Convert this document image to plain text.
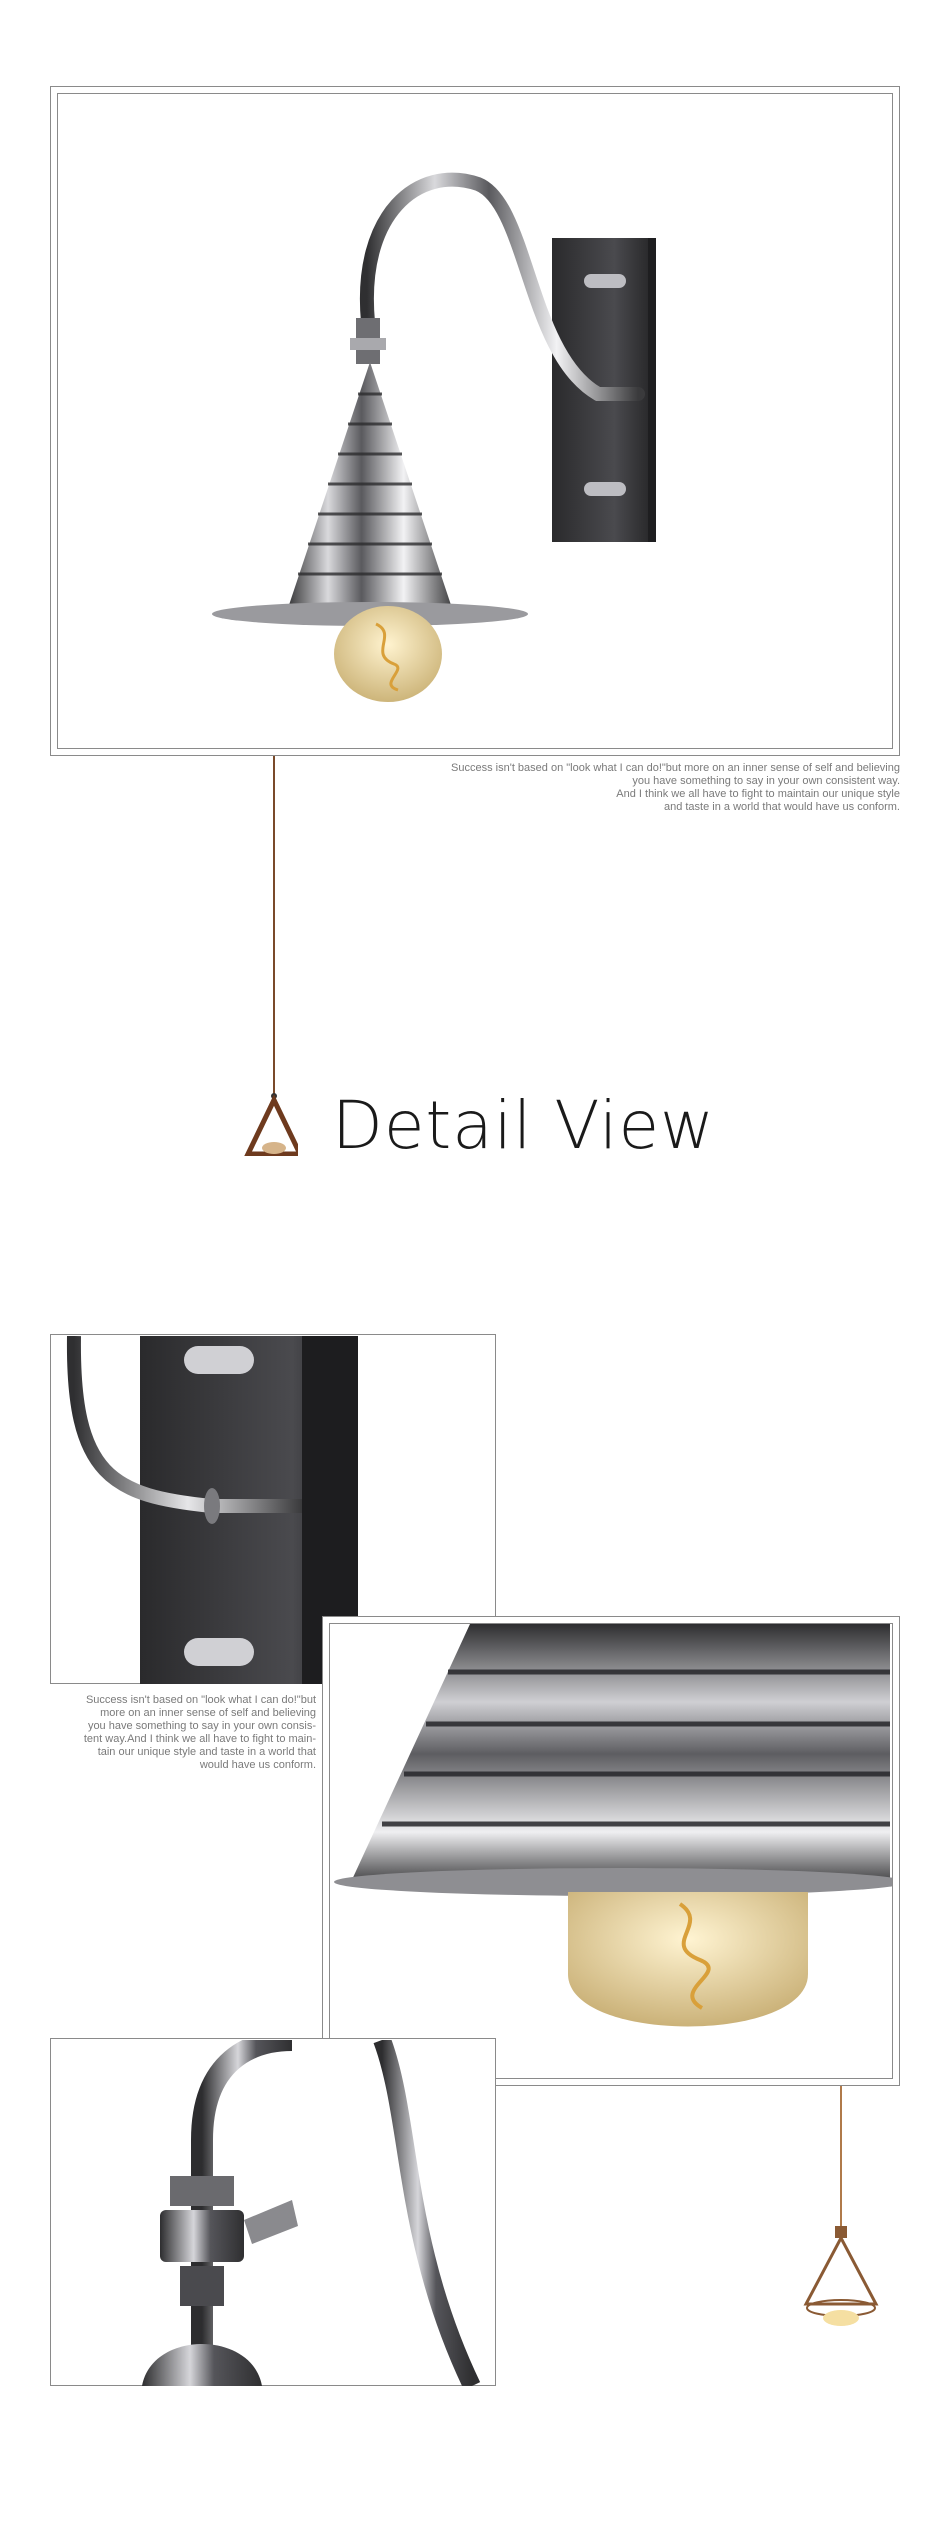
Success isn't based on "look what I can do!"but more on an inner sense of self and believing
you have something to say in your own consistent way.
And I think we all have to fight to maintain our unique style
and taste in a world that would have us conform.
Detail View
Success isn't based on "look what I can do!"but
more on an inner sense of self and believing
you have something to say in your own consis-
tent way.And I think we all have to fight to main-
tain our unique style and taste in a world that
would have us conform.
